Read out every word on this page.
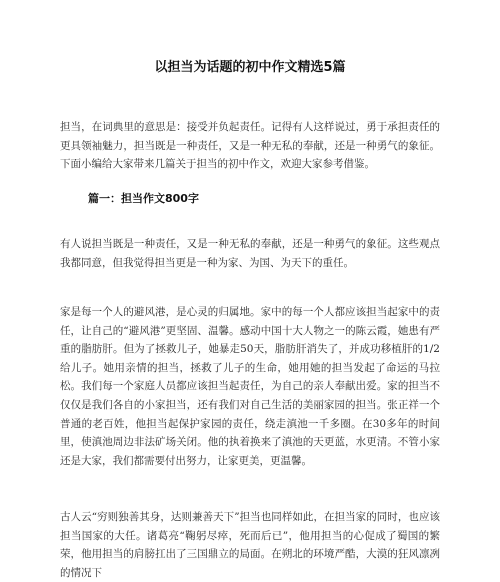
以担当为话题的初中作文精选5篇
担当，在词典里的意思是：接受并负起责任。记得有人这样说过，勇于承担责任的更具领袖魅力，担当既是一种责任，又是一种无私的奉献，还是一种勇气的象征。下面小编给大家带来几篇关于担当的初中作文，欢迎大家参考借鉴。
篇一：担当作文800字
有人说担当既是一种责任，又是一种无私的奉献，还是一种勇气的象征。这些观点我都同意，但我觉得担当更是一种为家、为国、为天下的重任。
家是每一个人的避风港，是心灵的归属地。家中的每一个人都应该担当起家中的责任，让自己的“避风港”更坚固、温馨。感动中国十大人物之一的陈云霞，她患有严重的脂肪肝。但为了拯救儿子，她暴走50天，脂肪肝消失了，并成功移植肝的1/2给儿子。她用亲情的担当，拯救了儿子的生命，她用她的担当发起了命运的马拉松。我们每一个家庭人员都应该担当起责任，为自己的亲人奉献出爱。家的担当不仅仅是我们各自的小家担当，还有我们对自己生活的美丽家园的担当。张正祥一个普通的老百姓，他担当起保护家园的责任，绕走滇池一千多圈。在30多年的时间里，使滇池周边非法矿场关闭。他的执着换来了滇池的天更蓝，水更清。不管小家还是大家，我们都需要付出努力，让家更美，更温馨。
古人云“穷则独善其身，达则兼善天下”担当也同样如此，在担当家的同时，也应该担当国家的大任。诸葛亮“鞠躬尽瘁，死而后已”，他用担当的心促成了蜀国的繁荣，他用担当的肩膀扛出了三国鼎立的局面。在朔北的环境严酷，大漠的狂风凛冽的情况下
